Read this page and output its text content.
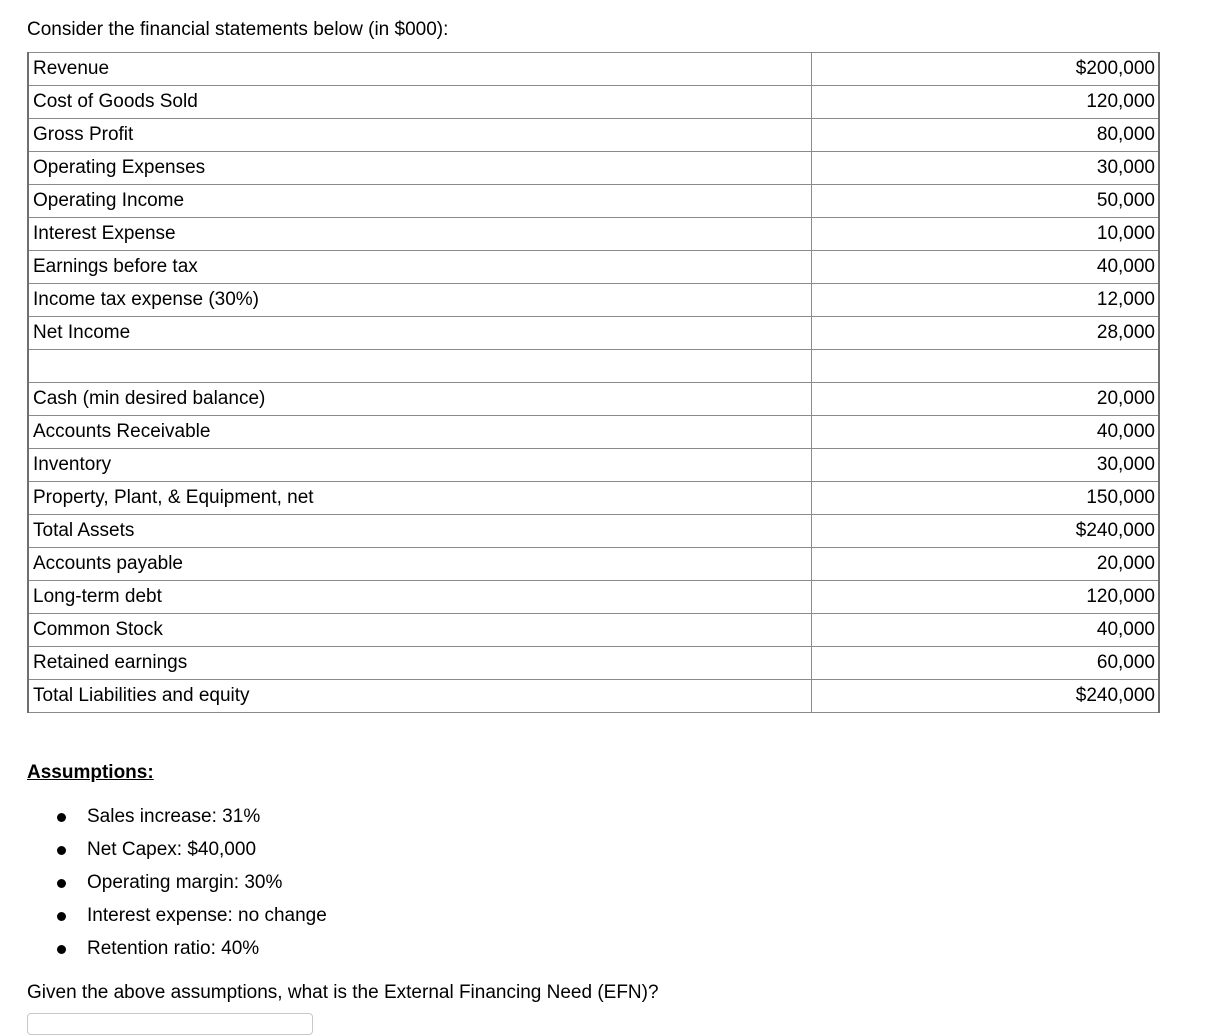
Consider the financial statements below (in $000):
Revenue	$200,000
Cost of Goods Sold	120,000
Gross Profit	80,000
Operating Expenses	30,000
Operating Income	50,000
Interest Expense	10,000
Earnings before tax	40,000
Income tax expense (30%)	12,000
Net Income	28,000

Cash (min desired balance)	20,000
Accounts Receivable	40,000
Inventory	30,000
Property, Plant, & Equipment, net	150,000
Total Assets	$240,000
Accounts payable	20,000
Long-term debt	120,000
Common Stock	40,000
Retained earnings	60,000
Total Liabilities and equity	$240,000
Assumptions:
Sales increase: 31%
Net Capex: $40,000
Operating margin: 30%
Interest expense: no change
Retention ratio: 40%
Given the above assumptions, what is the External Financing Need (EFN)?
